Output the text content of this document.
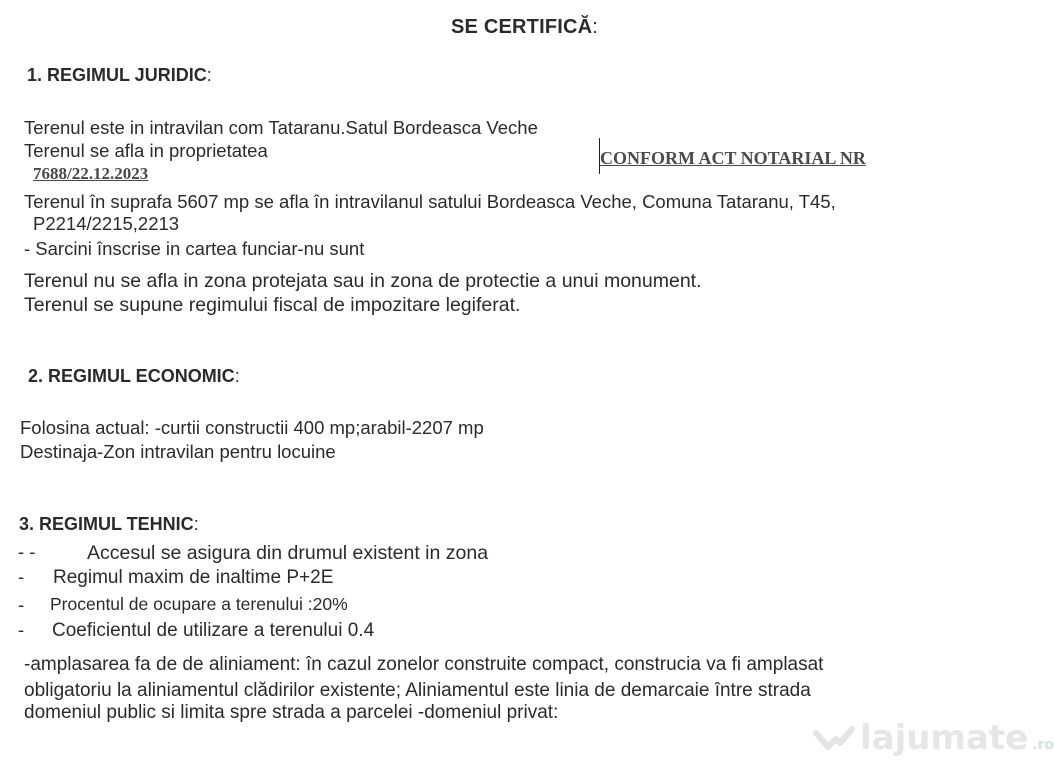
SE CERTIFICĂ:
1. REGIMUL JURIDIC:
Terenul este in intravilan com Tataranu.Satul Bordeasca Veche
Terenul se afla in proprietatea	CONFORM ACT NOTARIAL NR
7688/22.12.2023
Terenul în suprafa 5607 mp se afla în intravilanul satului Bordeasca Veche, Comuna Tataranu, T45,
P2214/2215,2213
- Sarcini înscrise in cartea funciar-nu sunt
Terenul nu se afla in zona protejata sau in zona de protectie a unui monument.
Terenul se supune regimului fiscal de impozitare legiferat.
2. REGIMUL ECONOMIC:
Folosina actual: -curtii constructii 400 mp;arabil-2207 mp
Destinaja-Zon intravilan pentru locuine
3. REGIMUL TEHNIC:
- -	Accesul se asigura din drumul existent in zona
- Regimul maxim de inaltime P+2E
- Procentul de ocupare a terenului :20%
- Coeficientul de utilizare a terenului 0.4
-amplasarea fa de de aliniament: în cazul zonelor construite compact, construcia va fi amplasat
obligatoriu la aliniamentul clădirilor existente; Aliniamentul este linia de demarcaie între strada
domeniul public si limita spre strada a parcelei -domeniul privat:
lajumate .ro
